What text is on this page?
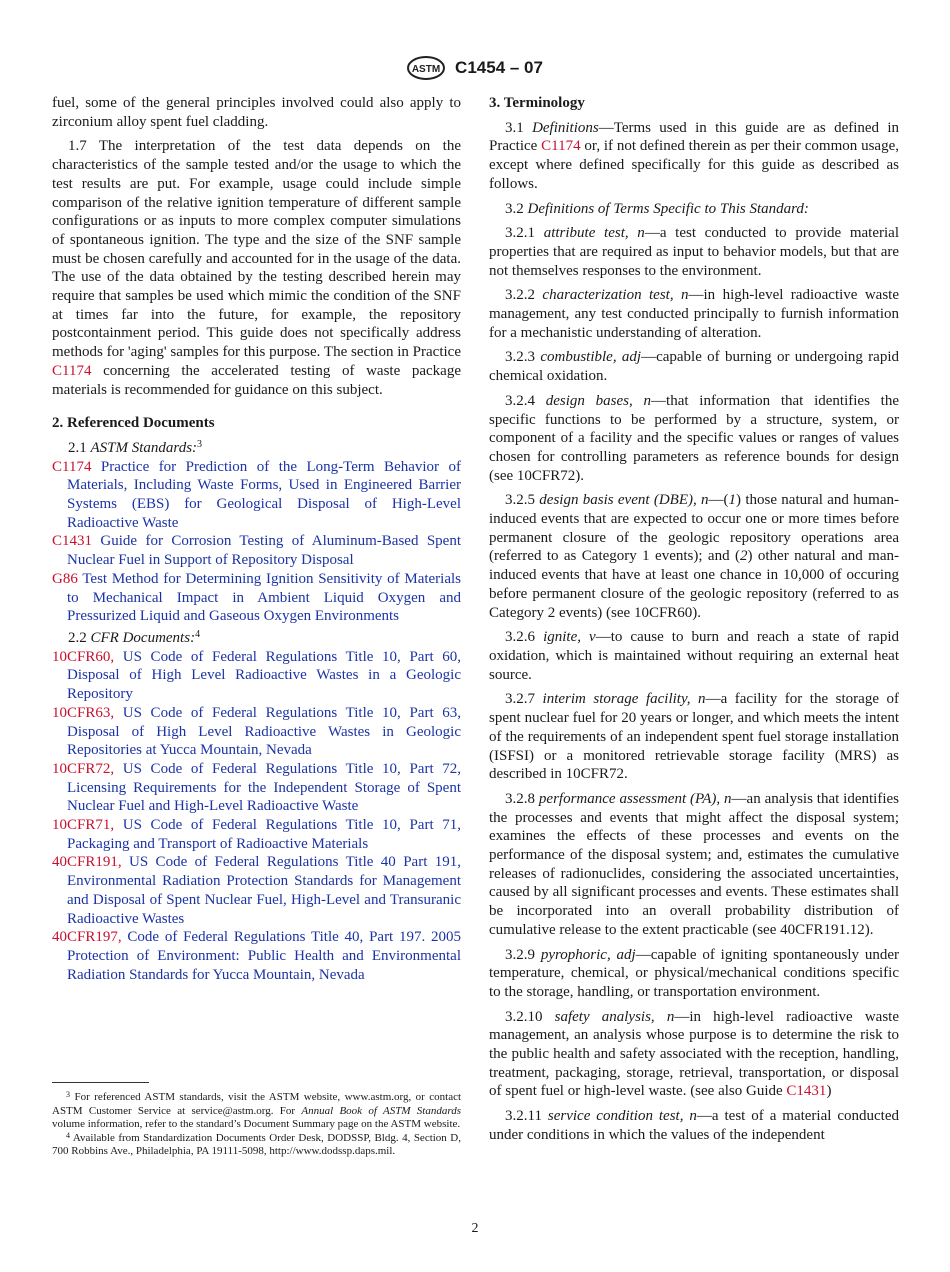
ASTM C1454 – 07

fuel, some of the general principles involved could also apply to zirconium alloy spent fuel cladding.

1.7 The interpretation of the test data depends on the characteristics of the sample tested and/or the usage to which the test results are put. For example, usage could include simple comparison of the relative ignition temperature of different sample configurations or as inputs to more complex computer simulations of spontaneous ignition. The type and the size of the SNF sample must be chosen carefully and accounted for in the usage of the data. The use of the data obtained by the testing described herein may require that samples be used which mimic the condition of the SNF at times far into the future, for example, the repository postcontainment period. This guide does not specifically address methods for 'aging' samples for this purpose. The section in Practice C1174 concerning the accelerated testing of waste package materials is recommended for guidance on this subject.

2. Referenced Documents

2.1 ASTM Standards:$^3$

C1174 Practice for Prediction of the Long-Term Behavior of Materials, Including Waste Forms, Used in Engineered Barrier Systems (EBS) for Geological Disposal of High-Level Radioactive Waste

C1431 Guide for Corrosion Testing of Aluminum-Based Spent Nuclear Fuel in Support of Repository Disposal

G86 Test Method for Determining Ignition Sensitivity of Materials to Mechanical Impact in Ambient Liquid Oxygen and Pressurized Liquid and Gaseous Oxygen Environments

2.2 CFR Documents:$^4$

10CFR60, US Code of Federal Regulations Title 10, Part 60, Disposal of High Level Radioactive Wastes in a Geologic Repository

10CFR63, US Code of Federal Regulations Title 10, Part 63, Disposal of High Level Radioactive Wastes in Geologic Repositories at Yucca Mountain, Nevada

10CFR72, US Code of Federal Regulations Title 10, Part 72, Licensing Requirements for the Independent Storage of Spent Nuclear Fuel and High-Level Radioactive Waste

10CFR71, US Code of Federal Regulations Title 10, Part 71, Packaging and Transport of Radioactive Materials

40CFR191, US Code of Federal Regulations Title 40 Part 191, Environmental Radiation Protection Standards for Management and Disposal of Spent Nuclear Fuel, High-Level and Transuranic Radioactive Wastes

40CFR197, Code of Federal Regulations Title 40, Part 197. 2005 Protection of Environment: Public Health and Environmental Radiation Standards for Yucca Mountain, Nevada

3. Terminology

3.1 Definitions—Terms used in this guide are as defined in Practice C1174 or, if not defined therein as per their common usage, except where defined specifically for this guide as described as follows.

3.2 Definitions of Terms Specific to This Standard:

3.2.1 attribute test, n—a test conducted to provide material properties that are required as input to behavior models, but that are not themselves responses to the environment.

3.2.2 characterization test, n—in high-level radioactive waste management, any test conducted principally to furnish information for a mechanistic understanding of alteration.

3.2.3 combustible, adj—capable of burning or undergoing rapid chemical oxidation.

3.2.4 design bases, n—that information that identifies the specific functions to be performed by a structure, system, or component of a facility and the specific values or ranges of values chosen for controlling parameters as reference bounds for design (see 10CFR72).

3.2.5 design basis event (DBE), n—(1) those natural and human-induced events that are expected to occur one or more times before permanent closure of the geologic repository operations area (referred to as Category 1 events); and (2) other natural and man-induced events that have at least one chance in 10,000 of occuring before permanent closure of the geologic repository (referred to as Category 2 events) (see 10CFR60).

3.2.6 ignite, v—to cause to burn and reach a state of rapid oxidation, which is maintained without requiring an external heat source.

3.2.7 interim storage facility, n—a facility for the storage of spent nuclear fuel for 20 years or longer, and which meets the intent of the requirements of an independent spent fuel storage installation (ISFSI) or a monitored retrievable storage facility (MRS) as described in 10CFR72.

3.2.8 performance assessment (PA), n—an analysis that identifies the processes and events that might affect the disposal system; examines the effects of these processes and events on the performance of the disposal system; and, estimates the cumulative releases of radionuclides, considering the associated uncertainties, caused by all significant processes and events. These estimates shall be incorporated into an overall probability distribution of cumulative release to the extent practicable (see 40CFR191.12).

3.2.9 pyrophoric, adj—capable of igniting spontaneously under temperature, chemical, or physical/mechanical conditions specific to the storage, handling, or transportation environment.

3.2.10 safety analysis, n—in high-level radioactive waste management, an analysis whose purpose is to determine the risk to the public health and safety associated with the reception, handling, treatment, packaging, storage, retrieval, transportation, or disposal of spent fuel or high-level waste. (see also Guide C1431)

3.2.11 service condition test, n—a test of a material conducted under conditions in which the values of the independent

$^3$ For referenced ASTM standards, visit the ASTM website, www.astm.org, or contact ASTM Customer Service at service@astm.org. For Annual Book of ASTM Standards volume information, refer to the standard’s Document Summary page on the ASTM website.

$^4$ Available from Standardization Documents Order Desk, DODSSP, Bldg. 4, Section D, 700 Robbins Ave., Philadelphia, PA 19111-5098, http://www.dodssp.daps.mil.

2
